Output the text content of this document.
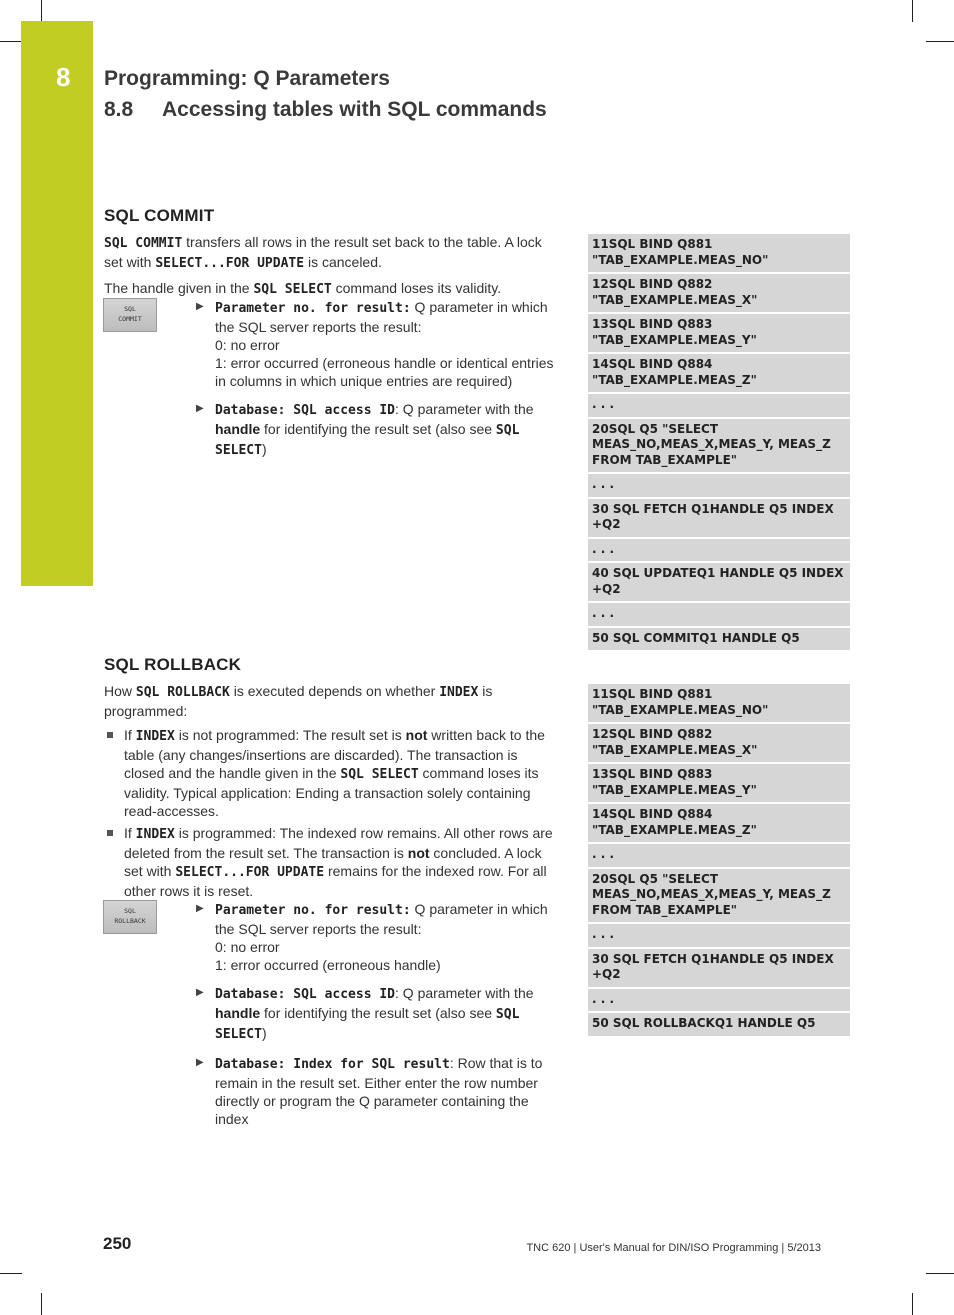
8 Programming: Q Parameters
8.8 Accessing tables with SQL commands
SQL COMMIT

SQL COMMIT transfers all rows in the result set back to the table. A lock set with SELECT...FOR UPDATE is canceled.

The handle given in the SQL SELECT command loses its validity.

SQL
COMMIT
▶ Parameter no. for result: Q parameter in which the SQL server reports the result:
0: no error
1: error occurred (erroneous handle or identical entries in columns in which unique entries are required)
▶ Database: SQL access ID: Q parameter with the handle for identifying the result set (also see SQL SELECT)
11SQL BIND Q881 "TAB_EXAMPLE.MEAS_NO"
12SQL BIND Q882 "TAB_EXAMPLE.MEAS_X"
13SQL BIND Q883 "TAB_EXAMPLE.MEAS_Y"
14SQL BIND Q884 "TAB_EXAMPLE.MEAS_Z"
. . .
20SQL Q5 "SELECT MEAS_NO,MEAS_X,MEAS_Y, MEAS_Z FROM TAB_EXAMPLE"
. . .
30 SQL FETCH Q1HANDLE Q5 INDEX +Q2
. . .
40 SQL UPDATEQ1 HANDLE Q5 INDEX +Q2
. . .
50 SQL COMMITQ1 HANDLE Q5
SQL ROLLBACK

How SQL ROLLBACK is executed depends on whether INDEX is programmed:

If INDEX is not programmed: The result set is not written back to the table (any changes/insertions are discarded). The transaction is closed and the handle given in the SQL SELECT command loses its validity. Typical application: Ending a transaction solely containing read-accesses.
If INDEX is programmed: The indexed row remains. All other rows are deleted from the result set. The transaction is not concluded. A lock set with SELECT...FOR UPDATE remains for the indexed row. For all other rows it is reset.
SQL
ROLLBACK
▶ Parameter no. for result: Q parameter in which the SQL server reports the result:
0: no error
1: error occurred (erroneous handle)
▶ Database: SQL access ID: Q parameter with the handle for identifying the result set (also see SQL SELECT)
▶ Database: Index for SQL result: Row that is to remain in the result set. Either enter the row number directly or program the Q parameter containing the index
11SQL BIND Q881 "TAB_EXAMPLE.MEAS_NO"
12SQL BIND Q882 "TAB_EXAMPLE.MEAS_X"
13SQL BIND Q883 "TAB_EXAMPLE.MEAS_Y"
14SQL BIND Q884 "TAB_EXAMPLE.MEAS_Z"
. . .
20SQL Q5 "SELECT MEAS_NO,MEAS_X,MEAS_Y, MEAS_Z FROM TAB_EXAMPLE"
. . .
30 SQL FETCH Q1HANDLE Q5 INDEX +Q2
. . .
50 SQL ROLLBACKQ1 HANDLE Q5
250	TNC 620 | User's Manual for DIN/ISO Programming | 5/2013
